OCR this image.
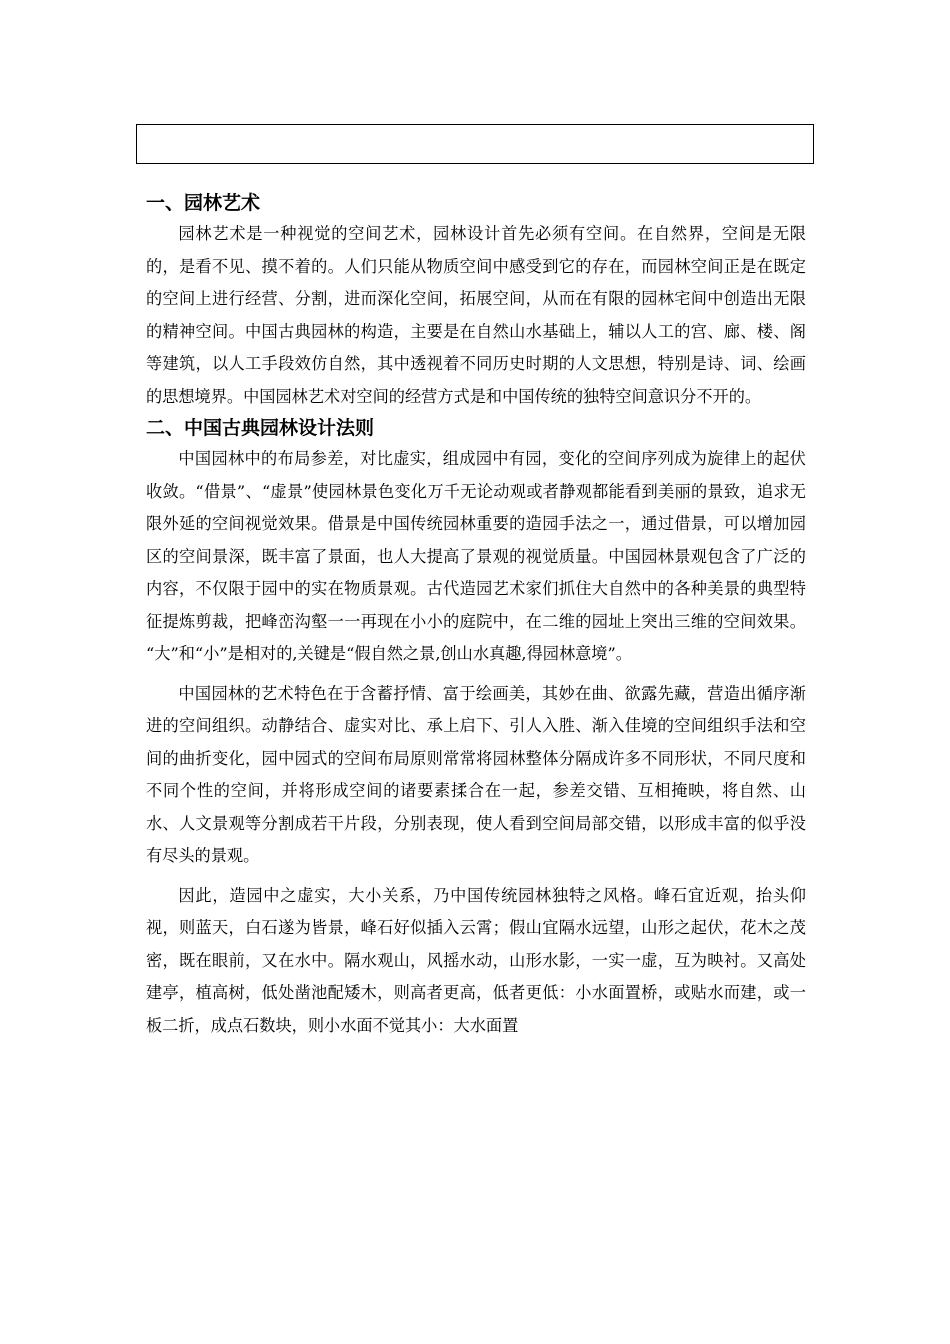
一、园林艺术

园林艺术是一种视觉的空间艺术，园林设计首先必须有空间。在自然界，空间是无限的，是看不见、摸不着的。人们只能从物质空间中感受到它的存在，而园林空间正是在既定的空间上进行经营、分割，进而深化空间，拓展空间，从而在有限的园林宅间中创造出无限的精神空间。中国古典园林的构造，主要是在自然山水基础上，辅以人工的宫、廊、楼、阁等建筑，以人工手段效仿自然，其中透视着不同历史时期的人文思想，特别是诗、词、绘画的思想境界。中国园林艺术对空间的经营方式是和中国传统的独特空间意识分不开的。

二、中国古典园林设计法则

中国园林中的布局参差，对比虚实，组成园中有园，变化的空间序列成为旋律上的起伏收敛。“借景”、“虚景”使园林景色变化万千无论动观或者静观都能看到美丽的景致，追求无限外延的空间视觉效果。借景是中国传统园林重要的造园手法之一，通过借景，可以增加园区的空间景深，既丰富了景面，也人大提高了景观的视觉质量。中国园林景观包含了广泛的内容，不仅限于园中的实在物质景观。古代造园艺术家们抓住大自然中的各种美景的典型特征提炼剪裁，把峰峦沟壑一一再现在小小的庭院中，在二维的园址上突出三维的空间效果。 “大”和“小”是相对的,关键是“假自然之景,创山水真趣,得园林意境”。

中国园林的艺术特色在于含蓄抒情、富于绘画美，其妙在曲、欲露先藏，营造出循序渐进的空间组织。动静结合、虚实对比、承上启下、引人入胜、渐入佳境的空间组织手法和空间的曲折变化，园中园式的空间布局原则常常将园林整体分隔成许多不同形状，不同尺度和不同个性的空间，并将形成空间的诸要素揉合在一起，参差交错、互相掩映，将自然、山水、人文景观等分割成若干片段，分别表现，使人看到空间局部交错，以形成丰富的似乎没有尽头的景观。

因此，造园中之虚实，大小关系，乃中国传统园林独特之风格。峰石宜近观，抬头仰视，则蓝天，白石遂为皆景，峰石好似插入云霄；假山宜隔水远望，山形之起伏，花木之茂密，既在眼前，又在水中。隔水观山，风摇水动，山形水影，一实一虚，互为映衬。又高处建亭，植高树，低处凿池配矮木，则高者更高，低者更低：小水面置桥，或贴水而建，或一板二折，成点石数块，则小水面不觉其小：大水面置
